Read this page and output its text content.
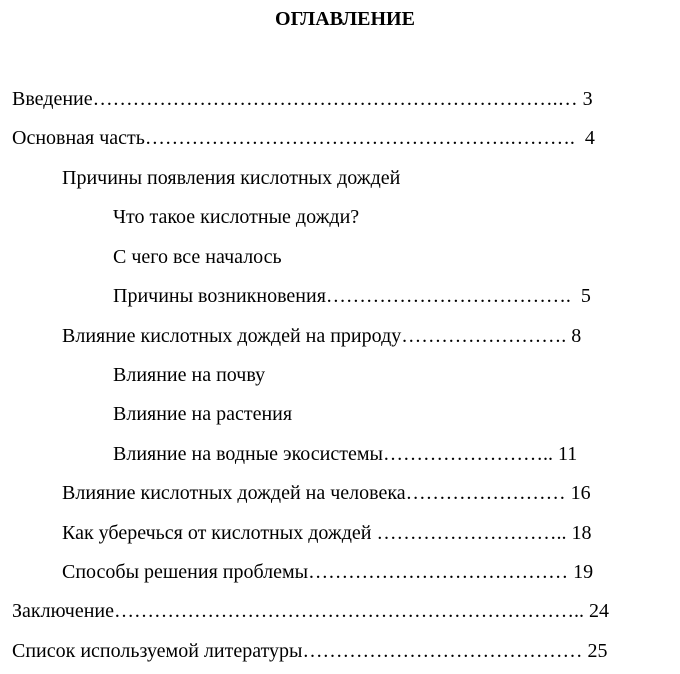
ОГЛАВЛЕНИЕ
Введение…………………………………………………………….… 3
Основная часть……………………………………………….……….  4
Причины появления кислотных дождей
Что такое кислотные дожди?
С чего все началось
Причины возникновения……………………………….  5
Влияние кислотных дождей на природу……………………. 8
Влияние на почву
Влияние на растения
Влияние на водные экосистемы…………………….. 11
Влияние кислотных дождей на человека…………………… 16
Как уберечься от кислотных дождей ……………………….. 18
Способы решения проблемы………………………………… 19
Заключение…………………………………………………………….. 24
Список используемой литературы…………………………………… 25
